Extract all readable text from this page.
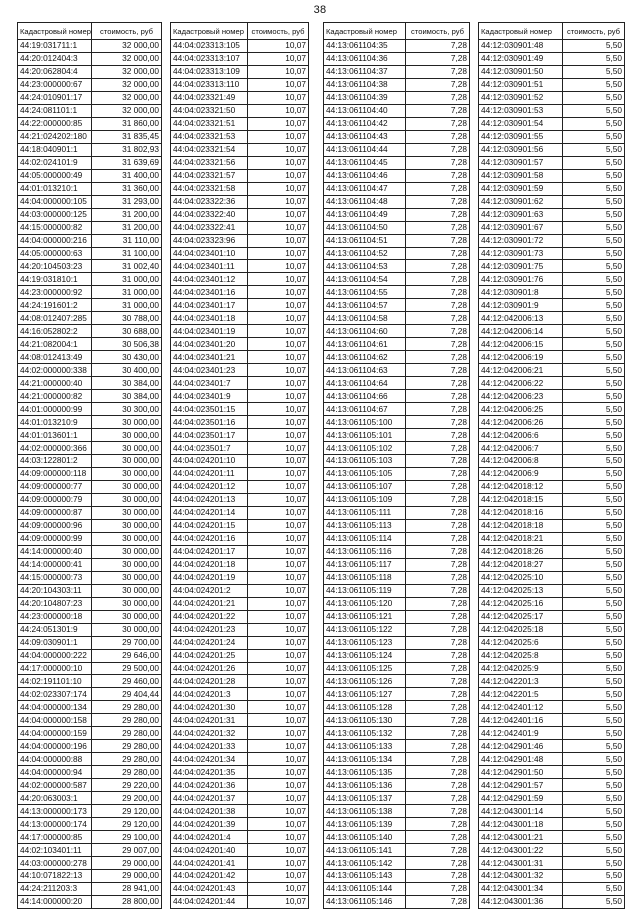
38
Кадастровый номер	стоимость, руб
44:19:031711:1	32 000,00
44:20:012404:3	32 000,00
44:20:062804:4	32 000,00
44:23:000000:67	32 000,00
44:24:010901:17	32 000,00
44:24:081101:1	32 000,00
44:22:000000:85	31 860,00
44:21:024202:180	31 835,45
44:18:040901:1	31 802,93
44:02:024101:9	31 639,69
44:05:000000:49	31 400,00
44:01:013210:1	31 360,00
44:04:000000:105	31 293,00
44:03:000000:125	31 200,00
44:15:000000:82	31 200,00
44:04:000000:216	31 110,00
44:05:000000:63	31 100,00
44:20:104503:23	31 002,40
44:19:031810:1	31 000,00
44:23:000000:92	31 000,00
44:24:191601:2	31 000,00
44:08:012407:285	30 788,00
44:16:052802:2	30 688,00
44:21:082004:1	30 506,38
44:08:012413:49	30 430,00
44:02:000000:338	30 400,00
44:21:000000:40	30 384,00
44:21:000000:82	30 384,00
44:01:000000:99	30 300,00
44:01:013210:9	30 000,00
44:01:013601:1	30 000,00
44:02:000000:366	30 000,00
44:03:122801:2	30 000,00
44:09:000000:118	30 000,00
44:09:000000:77	30 000,00
44:09:000000:79	30 000,00
44:09:000000:87	30 000,00
44:09:000000:96	30 000,00
44:09:000000:99	30 000,00
44:14:000000:40	30 000,00
44:14:000000:41	30 000,00
44:15:000000:73	30 000,00
44:20:104303:11	30 000,00
44:20:104807:23	30 000,00
44:23:000000:18	30 000,00
44:24:051301:9	30 000,00
44:09:030901:1	29 700,00
44:04:000000:222	29 646,00
44:17:000000:10	29 500,00
44:02:191101:10	29 460,00
44:02:023307:174	29 404,44
44:04:000000:134	29 280,00
44:04:000000:158	29 280,00
44:04:000000:159	29 280,00
44:04:000000:196	29 280,00
44:04:000000:88	29 280,00
44:04:000000:94	29 280,00
44:02:000000:587	29 220,00
44:20:063003:1	29 200,00
44:13:000000:173	29 120,00
44:13:000000:174	29 120,00
44:17:000000:85	29 100,00
44:02:103401:11	29 007,00
44:03:000000:278	29 000,00
44:10:071822:13	29 000,00
44:24:211203:3	28 941,00
44:14:000000:20	28 800,00
Кадастровый номер	стоимость, руб
44:04:023313:105	10,07
44:04:023313:107	10,07
44:04:023313:109	10,07
44:04:023313:110	10,07
44:04:023321:49	10,07
44:04:023321:50	10,07
44:04:023321:51	10,07
44:04:023321:53	10,07
44:04:023321:54	10,07
44:04:023321:56	10,07
44:04:023321:57	10,07
44:04:023321:58	10,07
44:04:023322:36	10,07
44:04:023322:40	10,07
44:04:023322:41	10,07
44:04:023323:96	10,07
44:04:023401:10	10,07
44:04:023401:11	10,07
44:04:023401:12	10,07
44:04:023401:16	10,07
44:04:023401:17	10,07
44:04:023401:18	10,07
44:04:023401:19	10,07
44:04:023401:20	10,07
44:04:023401:21	10,07
44:04:023401:23	10,07
44:04:023401:7	10,07
44:04:023401:9	10,07
44:04:023501:15	10,07
44:04:023501:16	10,07
44:04:023501:17	10,07
44:04:023501:7	10,07
44:04:024201:10	10,07
44:04:024201:11	10,07
44:04:024201:12	10,07
44:04:024201:13	10,07
44:04:024201:14	10,07
44:04:024201:15	10,07
44:04:024201:16	10,07
44:04:024201:17	10,07
44:04:024201:18	10,07
44:04:024201:19	10,07
44:04:024201:2	10,07
44:04:024201:21	10,07
44:04:024201:22	10,07
44:04:024201:23	10,07
44:04:024201:24	10,07
44:04:024201:25	10,07
44:04:024201:26	10,07
44:04:024201:28	10,07
44:04:024201:3	10,07
44:04:024201:30	10,07
44:04:024201:31	10,07
44:04:024201:32	10,07
44:04:024201:33	10,07
44:04:024201:34	10,07
44:04:024201:35	10,07
44:04:024201:36	10,07
44:04:024201:37	10,07
44:04:024201:38	10,07
44:04:024201:39	10,07
44:04:024201:4	10,07
44:04:024201:40	10,07
44:04:024201:41	10,07
44:04:024201:42	10,07
44:04:024201:43	10,07
44:04:024201:44	10,07
Кадастровый номер	стоимость, руб
44:13:061104:35	7,28
44:13:061104:36	7,28
44:13:061104:37	7,28
44:13:061104:38	7,28
44:13:061104:39	7,28
44:13:061104:40	7,28
44:13:061104:42	7,28
44:13:061104:43	7,28
44:13:061104:44	7,28
44:13:061104:45	7,28
44:13:061104:46	7,28
44:13:061104:47	7,28
44:13:061104:48	7,28
44:13:061104:49	7,28
44:13:061104:50	7,28
44:13:061104:51	7,28
44:13:061104:52	7,28
44:13:061104:53	7,28
44:13:061104:54	7,28
44:13:061104:55	7,28
44:13:061104:57	7,28
44:13:061104:58	7,28
44:13:061104:60	7,28
44:13:061104:61	7,28
44:13:061104:62	7,28
44:13:061104:63	7,28
44:13:061104:64	7,28
44:13:061104:66	7,28
44:13:061104:67	7,28
44:13:061105:100	7,28
44:13:061105:101	7,28
44:13:061105:102	7,28
44:13:061105:103	7,28
44:13:061105:105	7,28
44:13:061105:107	7,28
44:13:061105:109	7,28
44:13:061105:111	7,28
44:13:061105:113	7,28
44:13:061105:114	7,28
44:13:061105:116	7,28
44:13:061105:117	7,28
44:13:061105:118	7,28
44:13:061105:119	7,28
44:13:061105:120	7,28
44:13:061105:121	7,28
44:13:061105:122	7,28
44:13:061105:123	7,28
44:13:061105:124	7,28
44:13:061105:125	7,28
44:13:061105:126	7,28
44:13:061105:127	7,28
44:13:061105:128	7,28
44:13:061105:130	7,28
44:13:061105:132	7,28
44:13:061105:133	7,28
44:13:061105:134	7,28
44:13:061105:135	7,28
44:13:061105:136	7,28
44:13:061105:137	7,28
44:13:061105:138	7,28
44:13:061105:139	7,28
44:13:061105:140	7,28
44:13:061105:141	7,28
44:13:061105:142	7,28
44:13:061105:143	7,28
44:13:061105:144	7,28
44:13:061105:146	7,28
Кадастровый номер	стоимость, руб
44:12:030901:48	5,50
44:12:030901:49	5,50
44:12:030901:50	5,50
44:12:030901:51	5,50
44:12:030901:52	5,50
44:12:030901:53	5,50
44:12:030901:54	5,50
44:12:030901:55	5,50
44:12:030901:56	5,50
44:12:030901:57	5,50
44:12:030901:58	5,50
44:12:030901:59	5,50
44:12:030901:62	5,50
44:12:030901:63	5,50
44:12:030901:67	5,50
44:12:030901:72	5,50
44:12:030901:73	5,50
44:12:030901:75	5,50
44:12:030901:76	5,50
44:12:030901:8	5,50
44:12:030901:9	5,50
44:12:042006:13	5,50
44:12:042006:14	5,50
44:12:042006:15	5,50
44:12:042006:19	5,50
44:12:042006:21	5,50
44:12:042006:22	5,50
44:12:042006:23	5,50
44:12:042006:25	5,50
44:12:042006:26	5,50
44:12:042006:6	5,50
44:12:042006:7	5,50
44:12:042006:8	5,50
44:12:042006:9	5,50
44:12:042018:12	5,50
44:12:042018:15	5,50
44:12:042018:16	5,50
44:12:042018:18	5,50
44:12:042018:21	5,50
44:12:042018:26	5,50
44:12:042018:27	5,50
44:12:042025:10	5,50
44:12:042025:13	5,50
44:12:042025:16	5,50
44:12:042025:17	5,50
44:12:042025:18	5,50
44:12:042025:6	5,50
44:12:042025:8	5,50
44:12:042025:9	5,50
44:12:042201:3	5,50
44:12:042201:5	5,50
44:12:042401:12	5,50
44:12:042401:16	5,50
44:12:042401:9	5,50
44:12:042901:46	5,50
44:12:042901:48	5,50
44:12:042901:50	5,50
44:12:042901:57	5,50
44:12:042901:59	5,50
44:12:043001:14	5,50
44:12:043001:18	5,50
44:12:043001:21	5,50
44:12:043001:22	5,50
44:12:043001:31	5,50
44:12:043001:32	5,50
44:12:043001:34	5,50
44:12:043001:36	5,50
